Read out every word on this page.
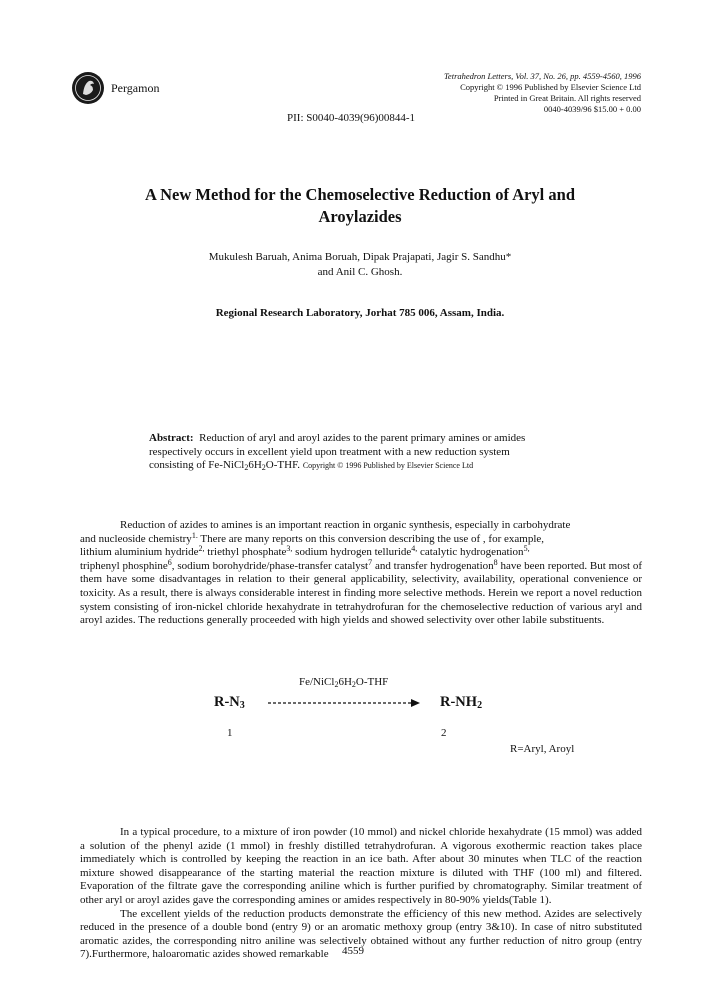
Pergamon
Tetrahedron Letters, Vol. 37, No. 26, pp. 4559-4560, 1996
Copyright © 1996 Published by Elsevier Science Ltd
Printed in Great Britain. All rights reserved
0040-4039/96 $15.00 + 0.00
PII: S0040-4039(96)00844-1
A New Method for the Chemoselective Reduction of Aryl and
Aroylazides
Mukulesh Baruah, Anima Boruah, Dipak Prajapati, Jagir S. Sandhu*
and Anil C. Ghosh.
Regional Research Laboratory, Jorhat 785 006, Assam, India.
Abstract: Reduction of aryl and aroyl azides to the parent primary amines or amides
respectively occurs in excellent yield upon treatment with a new reduction system
consisting of $Fe-NiCl_26H_2O$-THF. Copyright © 1996 Published by Elsevier Science Ltd
Reduction of azides to amines is an important reaction in organic synthesis, especially in carbohydrate
and nucleoside chemistry$^{1.}$ There are many reports on this conversion describing the use of , for example,
lithium aluminium hydride$^{2,}$ triethyl phosphate$^{3,}$ sodium hydrogen telluride$^{4,}$ catalytic hydrogenation$^{5,}$
triphenyl phosphine$^6$, sodium borohydride/phase-transfer catalyst$^7$ and transfer hydrogenation$^8$ have been reported. But most of them have some disadvantages in relation to their general applicability, selectivity, availability, operational convenience or toxicity. As a result, there is always considerable interest in finding more selective methods. Herein we report a novel reduction system consisting of iron-nickel chloride hexahydrate in tetrahydrofuran for the chemoselective reduction of various aryl and aroyl azides. The reductions generally proceeded with high yields and showed selectivity over other labile substituents.
$Fe/NiCl_26H_2O$-THF
$R-N_3$	$R-NH_2$
1	2
R=Aryl, Aroyl
In a typical procedure, to a mixture of iron powder (10 mmol) and nickel chloride hexahydrate (15 mmol) was added a solution of the phenyl azide (1 mmol) in freshly distilled tetrahydrofuran. A vigorous exothermic reaction takes place immediately which is controlled by keeping the reaction in an ice bath. After about 30 minutes when TLC of the reaction mixture showed disappearance of the starting material the reaction mixture is diluted with THF (100 ml) and filtered. Evaporation of the filtrate gave the corresponding aniline which is further purified by chromatography. Similar treatment of other aryl or aroyl azides gave the corresponding amines or amides respectively in 80-90% yields(Table 1).
The excellent yields of the reduction products demonstrate the efficiency of this new method. Azides are selectively reduced in the presence of a double bond (entry 9) or an aromatic methoxy group (entry 3&10). In case of nitro substituted aromatic azides, the corresponding nitro aniline was selectively obtained without any further reduction of nitro group (entry 7).Furthermore, haloaromatic azides showed remarkable	4559
